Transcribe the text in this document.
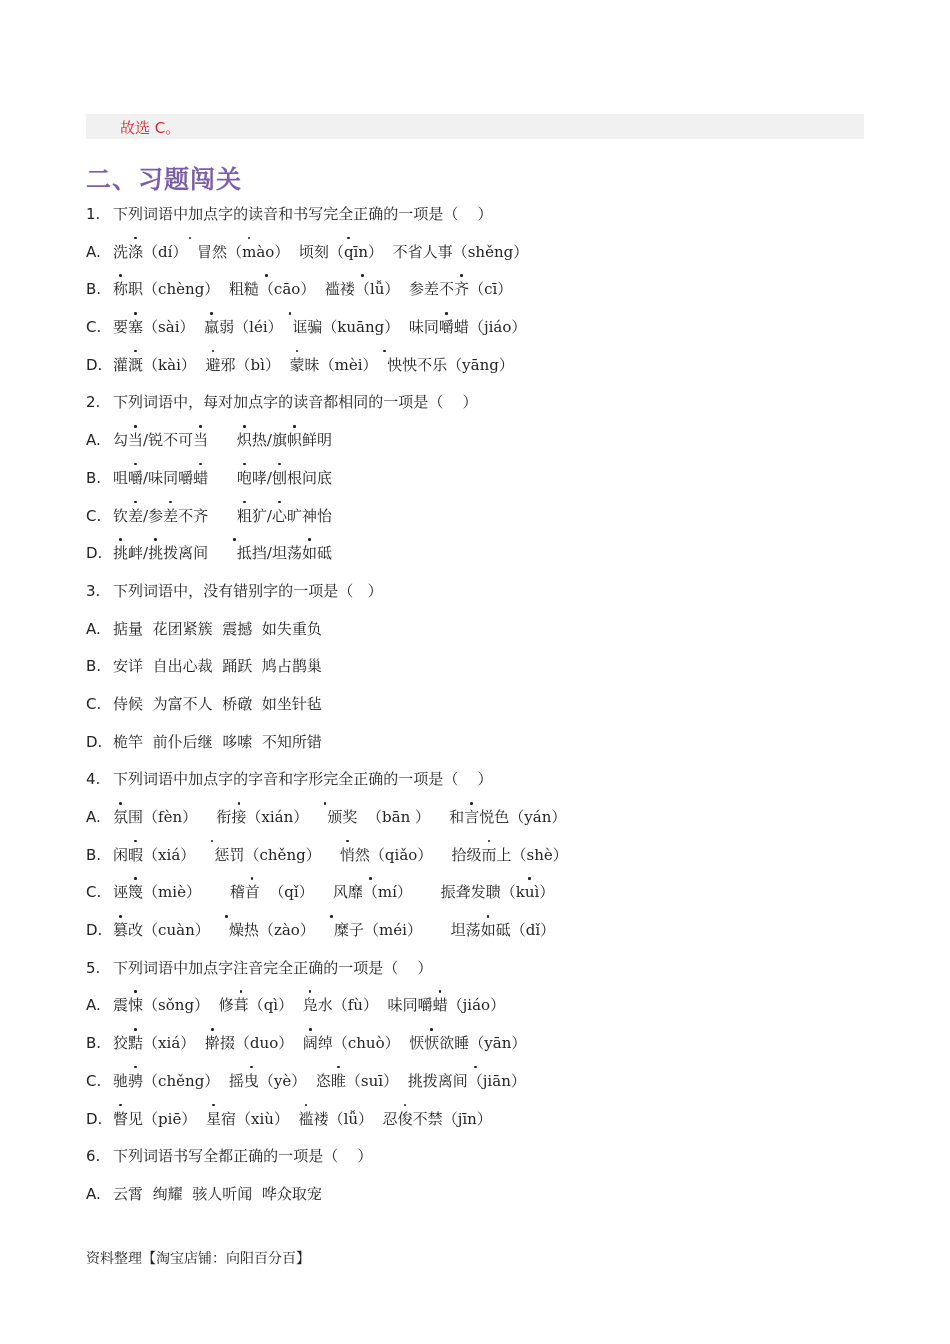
故选 C。
二、习题闯关
1.下列词语中加点字的读音和书写完全正确的一项是（ ）
A.洗涤（dí） 冒然（mào） 顷刻（qīn） 不省人事（shěng）
B.称职（chèng） 粗糙（cāo） 褴褛（lǚ） 参差不齐（cī）
C.要塞（sài） 羸弱（léi） 诓骗（kuāng） 味同嚼蜡（jiáo）
D.灌溉（kài） 避邪（bì） 蒙昧（mèi） 怏怏不乐（yāng）
2.下列词语中，每对加点字的读音都相同的一项是（ ）
A.勾当/锐不可当 炽热/旗帜鲜明
B.咀嚼/味同嚼蜡 咆哮/刨根问底
C.钦差/参差不齐 粗犷/心旷神怡
D.挑衅/挑拨离间 抵挡/坦荡如砥
3.下列词语中，没有错别字的一项是（ ）
A.掂量 花团紧簇 震撼 如失重负
B.安详 自出心裁 踊跃 鸠占鹊巢
C.侍候 为富不人 桥礅 如坐针毡
D.桅竿 前仆后继 哆嗦 不知所错
4.下列词语中加点字的字音和字形完全正确的一项是（ ）
A.氛围（fèn） 衔接（xián） 颁奖 （bān ） 和言悦色（yán）
B.闲暇（xiá） 惩罚（chěng） 悄然（qiǎo） 拾级而上（shè）
C.诬篾（miè） 稽首 （qǐ） 风靡（mí） 振聋发聩（kuì）
D.篡改（cuàn） 燥热（zào） 糜子（méi） 坦荡如砥（dǐ）
5.下列词语中加点字注音完全正确的一项是（ ）
A.震悚（sǒng） 修葺（qì） 凫水（fù） 味同嚼蜡（jiáo）
B.狡黠（xiá） 擀掇（duo） 阔绰（chuò） 恹恹欲睡（yān）
C.驰骋（chěng） 摇曳（yè） 恣睢（suī） 挑拨离间（jiān）
D.瞥见（piē） 星宿（xiù） 褴褛（lǚ） 忍俊不禁（jīn）
6.下列词语书写全都正确的一项是（ ）
A.云霄 绚耀 骇人听闻 哗众取宠
资料整理【淘宝店铺：向阳百分百】
